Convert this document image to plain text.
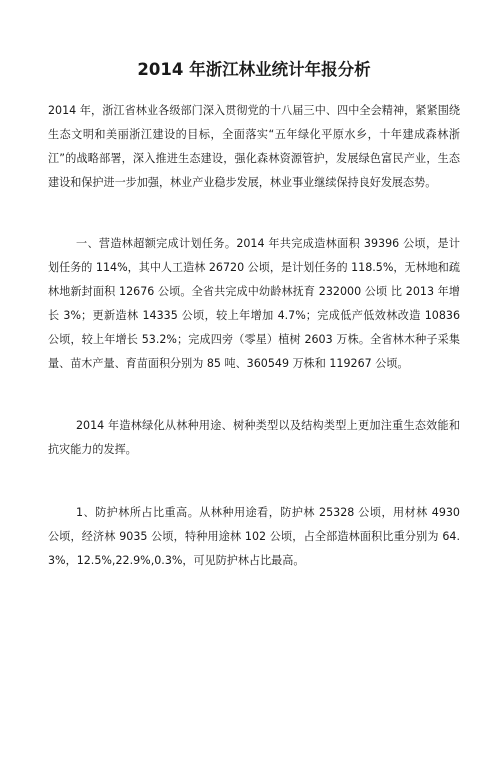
2014 年浙江林业统计年报分析

2014 年，浙江省林业各级部门深入贯彻党的十八届三中、四中全会精神，紧紧围绕生态文明和美丽浙江建设的目标，全面落实“五年绿化平原水乡，十年建成森林浙江”的战略部署，深入推进生态建设，强化森林资源管护，发展绿色富民产业，生态建设和保护进一步加强，林业产业稳步发展，林业事业继续保持良好发展态势。

一、营造林超额完成计划任务。2014 年共完成造林面积 39396 公顷，是计划任务的 114%，其中人工造林 26720 公顷，是计划任务的 118.5%，无林地和疏林地新封面积 12676 公顷。全省共完成中幼龄林抚育 232000 公顷 比 2013 年增长 3%；更新造林 14335 公顷，较上年增加 4.7%；完成低产低效林改造 10836 公顷，较上年增长 53.2%；完成四旁（零星）植树 2603 万株。全省林木种子采集量、苗木产量、育苗面积分别为 85 吨、360549 万株和 119267 公顷。

2014 年造林绿化从林种用途、树种类型以及结构类型上更加注重生态效能和抗灾能力的发挥。

1、防护林所占比重高。从林种用途看，防护林 25328 公顷，用材林 4930 公顷，经济林 9035 公顷，特种用途林 102 公顷，占全部造林面积比重分别为 64.3%，12.5%,22.9%,0.3%，可见防护林占比最高。
